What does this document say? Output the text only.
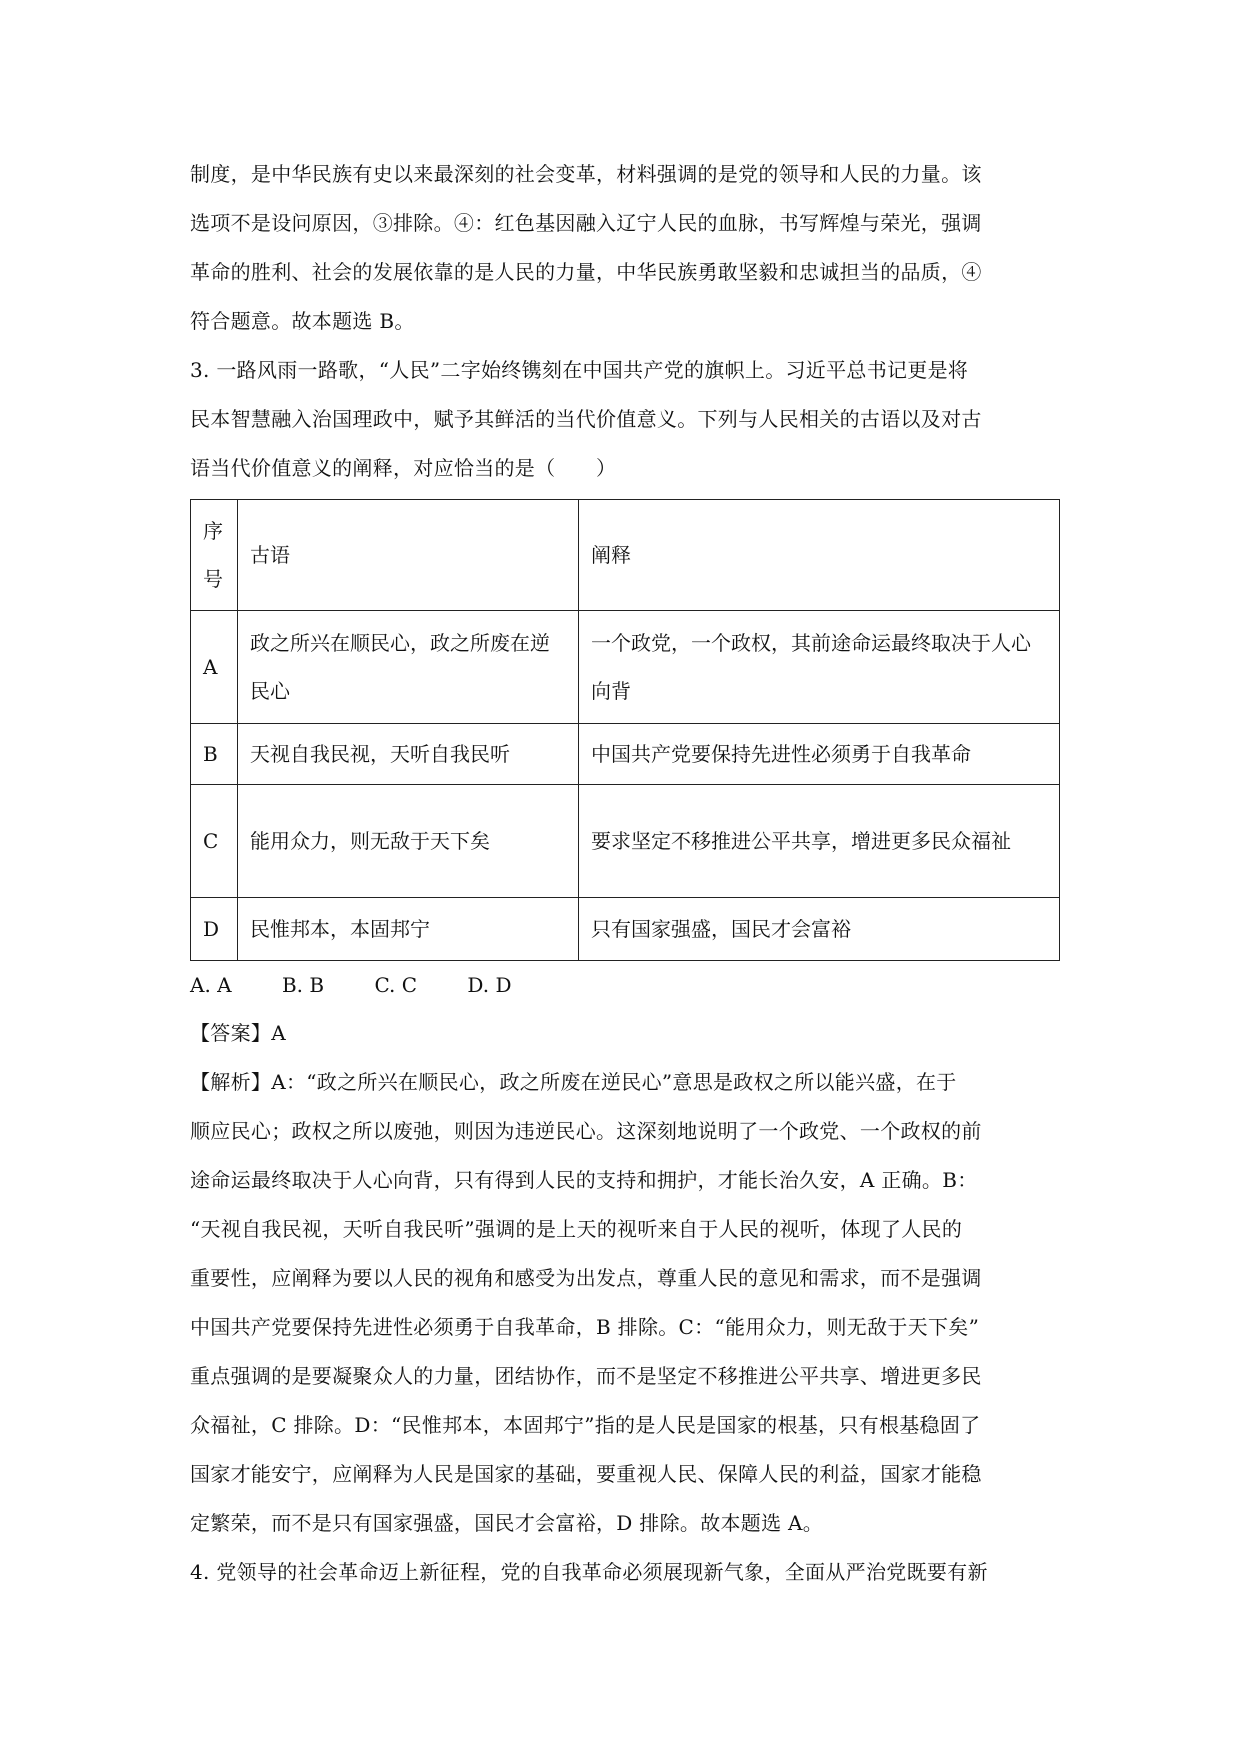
制度，是中华民族有史以来最深刻的社会变革，材料强调的是党的领导和人民的力量。该
选项不是设问原因，③排除。④：红色基因融入辽宁人民的血脉，书写辉煌与荣光，强调
革命的胜利、社会的发展依靠的是人民的力量，中华民族勇敢坚毅和忠诚担当的品质，④
符合题意。故本题选 B。
3. 一路风雨一路歌，“人民”二字始终镌刻在中国共产党的旗帜上。习近平总书记更是将
民本智慧融入治国理政中，赋予其鲜活的当代价值意义。下列与人民相关的古语以及对古
语当代价值意义的阐释，对应恰当的是（　　）
序号	古语	阐释

A	政之所兴在顺民心，政之所废在逆民心	一个政党，一个政权，其前途命运最终取决于人心向背
B	天视自我民视，天听自我民听	中国共产党要保持先进性必须勇于自我革命
C	能用众力，则无敌于天下矣	要求坚定不移推进公平共享，增进更多民众福祉
D	民惟邦本，本固邦宁	只有国家强盛，国民才会富裕
A. A	B. B	C. C	D. D
【答案】A
【解析】A：“政之所兴在顺民心，政之所废在逆民心”意思是政权之所以能兴盛，在于
顺应民心；政权之所以废弛，则因为违逆民心。这深刻地说明了一个政党、一个政权的前
途命运最终取决于人心向背，只有得到人民的支持和拥护，才能长治久安，A 正确。B：
“天视自我民视，天听自我民听”强调的是上天的视听来自于人民的视听，体现了人民的
重要性，应阐释为要以人民的视角和感受为出发点，尊重人民的意见和需求，而不是强调
中国共产党要保持先进性必须勇于自我革命，B 排除。C：“能用众力，则无敌于天下矣”
重点强调的是要凝聚众人的力量，团结协作，而不是坚定不移推进公平共享、增进更多民
众福祉，C 排除。D：“民惟邦本，本固邦宁”指的是人民是国家的根基，只有根基稳固了
国家才能安宁，应阐释为人民是国家的基础，要重视人民、保障人民的利益，国家才能稳
定繁荣，而不是只有国家强盛，国民才会富裕，D 排除。故本题选 A。
4. 党领导的社会革命迈上新征程，党的自我革命必须展现新气象，全面从严治党既要有新
